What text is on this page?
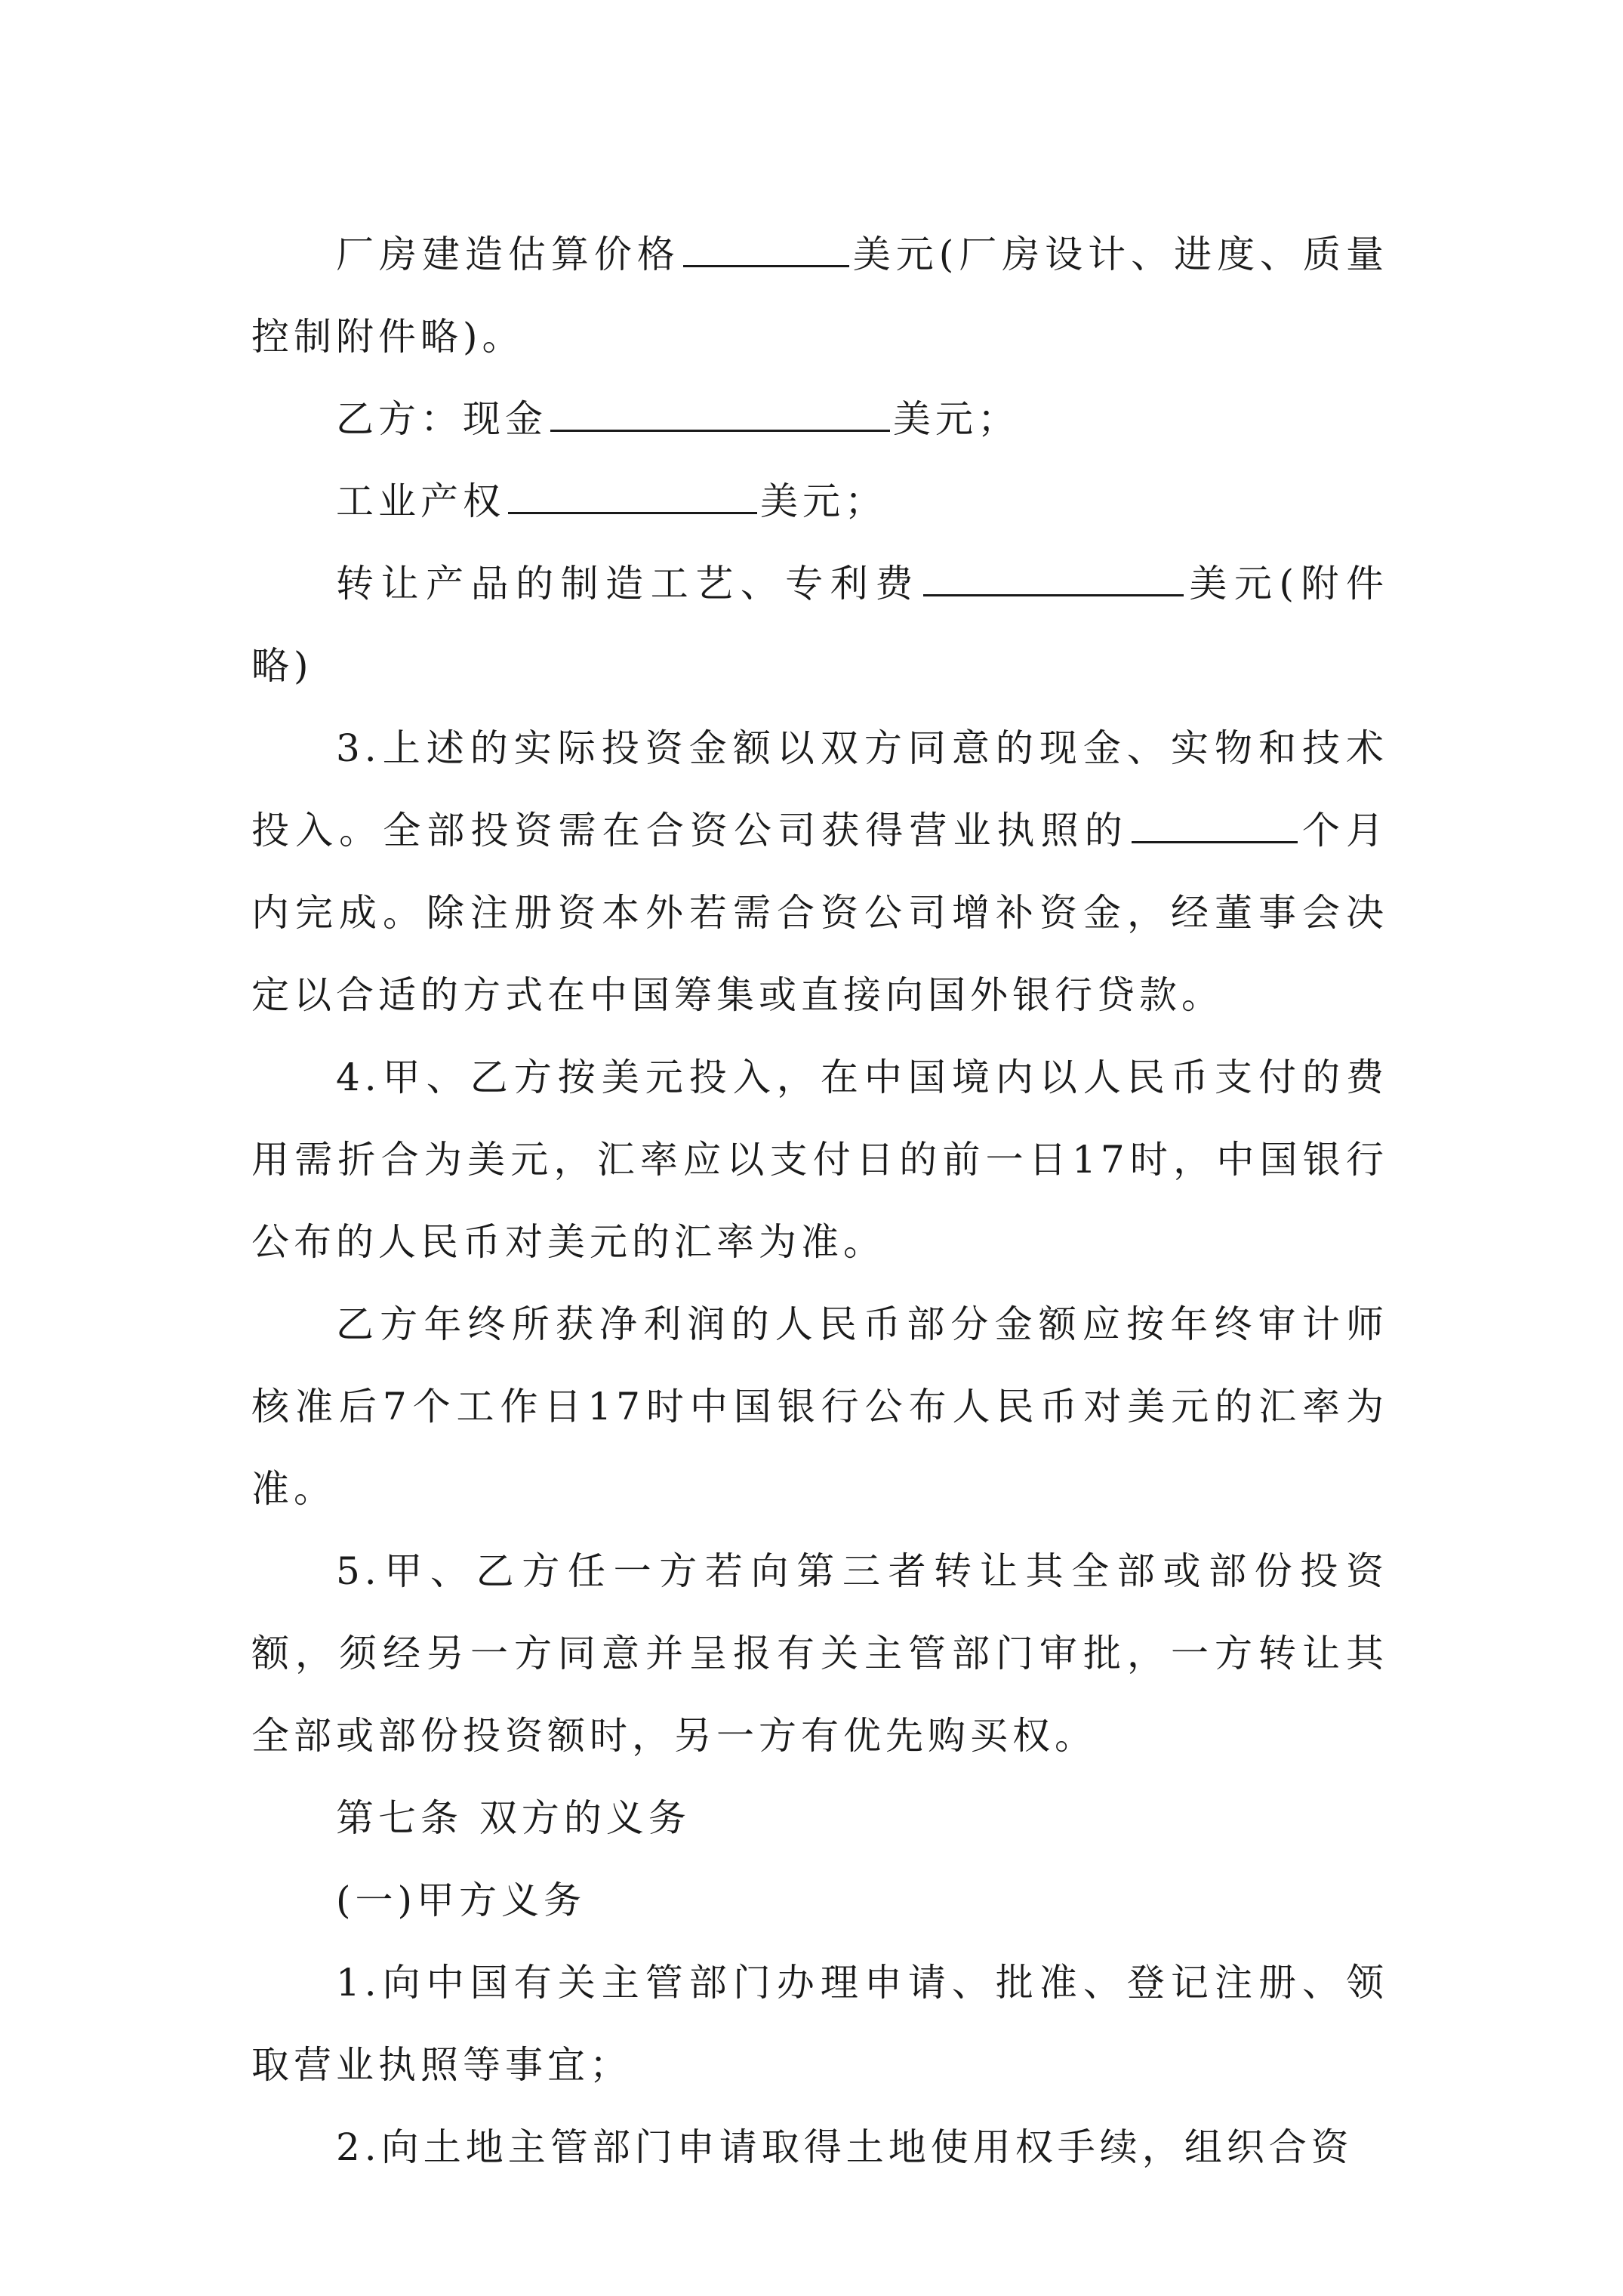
厂房建造估算价格	美元(厂房设计、进度、质量控制附件略)。

乙方：现金	美元；

工业产权	美元；

转让产品的制造工艺、专利费	美元(附件略)

3.上述的实际投资金额以双方同意的现金、实物和技术投入。全部投资需在合资公司获得营业执照的	个月内完成。除注册资本外若需合资公司增补资金，经董事会决定以合适的方式在中国筹集或直接向国外银行贷款。

4.甲、乙方按美元投入，在中国境内以人民币支付的费用需折合为美元，汇率应以支付日的前一日17时，中国银行公布的人民币对美元的汇率为准。

乙方年终所获净利润的人民币部分金额应按年终审计师核准后7个工作日17时中国银行公布人民币对美元的汇率为准。

5.甲、乙方任一方若向第三者转让其全部或部份投资额，须经另一方同意并呈报有关主管部门审批，一方转让其全部或部份投资额时，另一方有优先购买权。

第七条 双方的义务

(一)甲方义务

1.向中国有关主管部门办理申请、批准、登记注册、领取营业执照等事宜；

2.向土地主管部门申请取得土地使用权手续，组织合资
